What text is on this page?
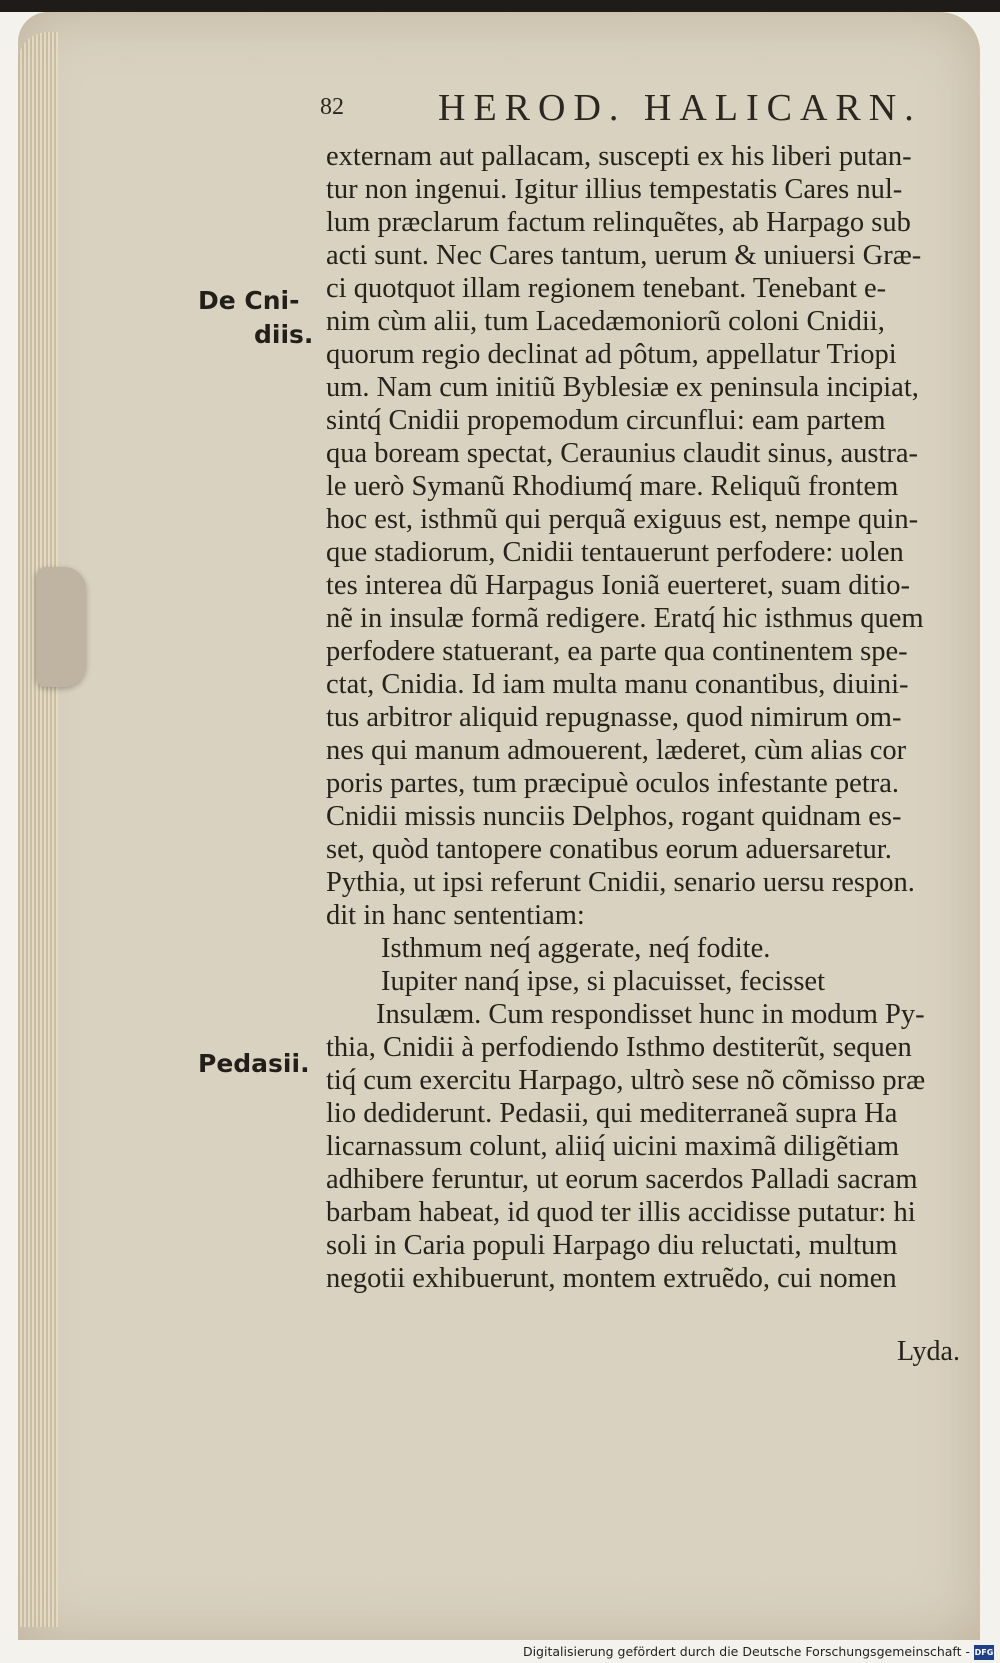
82 HEROD. HALICARN.
De Cni-
diis.
Pedasii.
externam aut pallacam, suscepti ex his liberi putan-
tur non ingenui. Igitur illius tempestatis Cares nul-
lum præclarum factum relinquẽtes, ab Harpago sub
acti sunt. Nec Cares tantum, uerum & uniuersi Græ-
ci quotquot illam regionem tenebant. Tenebant e-
nim cùm alii, tum Lacedæmoniorũ coloni Cnidii,
quorum regio declinat ad pôtum, appellatur Triopi
um. Nam cum initiũ Byblesiæ ex peninsula incipiat,
sintq́ Cnidii propemodum circunflui: eam partem
qua boream spectat, Ceraunius claudit sinus, austra-
le uerò Symanũ Rhodiumq́ mare. Reliquũ frontem
hoc est, isthmũ qui perquã exiguus est, nempe quin-
que stadiorum, Cnidii tentauerunt perfodere: uolen
tes interea dũ Harpagus Ioniã euerteret, suam ditio-
nẽ in insulæ formã redigere. Eratq́ hic isthmus quem
perfodere statuerant, ea parte qua continentem spe-
ctat, Cnidia. Id iam multa manu conantibus, diuini-
tus arbitror aliquid repugnasse, quod nimirum om-
nes qui manum admouerent, læderet, cùm alias cor
poris partes, tum præcipuè oculos infestante petra.
Cnidii missis nunciis Delphos, rogant quidnam es-
set, quòd tantopere conatibus eorum aduersaretur.
Pythia, ut ipsi referunt Cnidii, senario uersu respon.
dit in hanc sententiam:
Isthmum neq́ aggerate, neq́ fodite.
Iupiter nanq́ ipse, si placuisset, fecisset
Insulæm. Cum respondisset hunc in modum Py-
thia, Cnidii à perfodiendo Isthmo destiterũt, sequen
tiq́ cum exercitu Harpago, ultrò sese nõ cõmisso præ
lio dediderunt. Pedasii, qui mediterraneã supra Ha
licarnassum colunt, aliiq́ uicini maximã diligẽtiam
adhibere feruntur, ut eorum sacerdos Palladi sacram
barbam habeat, id quod ter illis accidisse putatur: hi
soli in Caria populi Harpago diu reluctati, multum
negotii exhibuerunt, montem extruẽdo, cui nomen
Lyda.
Digitalisierung gefördert durch die Deutsche Forschungsgemeinschaft - DFG
